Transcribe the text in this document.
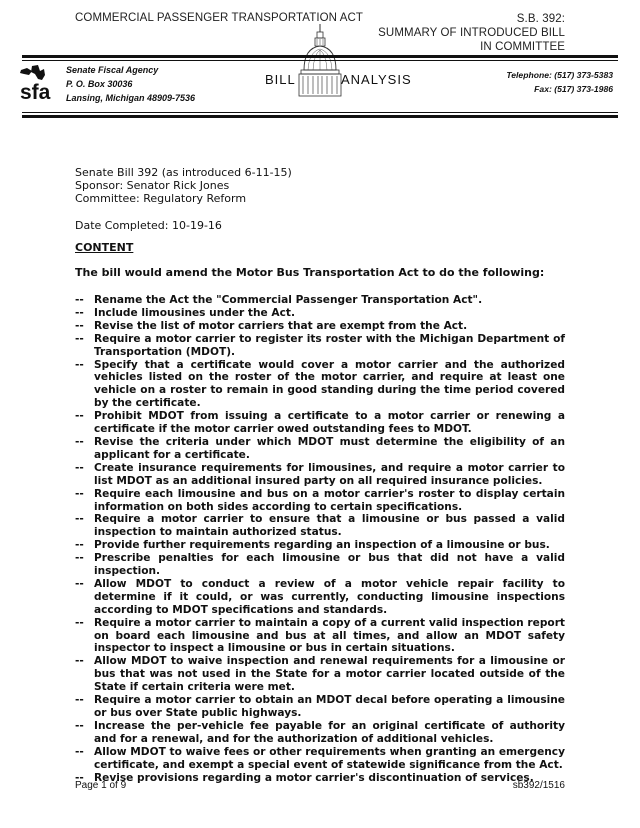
COMMERCIAL PASSENGER TRANSPORTATION ACT	S.B. 392:
SUMMARY OF INTRODUCED BILL
IN COMMITTEE
sfa
Senate Fiscal Agency
P. O. Box 30036
Lansing, Michigan 48909-7536
BILL	ANALYSIS	Telephone: (517) 373-5383
Fax: (517) 373-1986
Senate Bill 392 (as introduced 6-11-15)
Sponsor: Senator Rick Jones
Committee: Regulatory Reform
Date Completed: 10-19-16
CONTENT
The bill would amend the Motor Bus Transportation Act to do the following:
-- Rename the Act the "Commercial Passenger Transportation Act".
-- Include limousines under the Act.
-- Revise the list of motor carriers that are exempt from the Act.
-- Require a motor carrier to register its roster with the Michigan Department of Transportation (MDOT).
-- Specify that a certificate would cover a motor carrier and the authorized vehicles listed on the roster of the motor carrier, and require at least one vehicle on a roster to remain in good standing during the time period covered by the certificate.
-- Prohibit MDOT from issuing a certificate to a motor carrier or renewing a certificate if the motor carrier owed outstanding fees to MDOT.
-- Revise the criteria under which MDOT must determine the eligibility of an applicant for a certificate.
-- Create insurance requirements for limousines, and require a motor carrier to list MDOT as an additional insured party on all required insurance policies.
-- Require each limousine and bus on a motor carrier's roster to display certain information on both sides according to certain specifications.
-- Require a motor carrier to ensure that a limousine or bus passed a valid inspection to maintain authorized status.
-- Provide further requirements regarding an inspection of a limousine or bus.
-- Prescribe penalties for each limousine or bus that did not have a valid inspection.
-- Allow MDOT to conduct a review of a motor vehicle repair facility to determine if it could, or was currently, conducting limousine inspections according to MDOT specifications and standards.
-- Require a motor carrier to maintain a copy of a current valid inspection report on board each limousine and bus at all times, and allow an MDOT safety inspector to inspect a limousine or bus in certain situations.
-- Allow MDOT to waive inspection and renewal requirements for a limousine or bus that was not used in the State for a motor carrier located outside of the State if certain criteria were met.
-- Require a motor carrier to obtain an MDOT decal before operating a limousine or bus over State public highways.
-- Increase the per-vehicle fee payable for an original certificate of authority and for a renewal, and for the authorization of additional vehicles.
-- Allow MDOT to waive fees or other requirements when granting an emergency certificate, and exempt a special event of statewide significance from the Act.
-- Revise provisions regarding a motor carrier's discontinuation of services.
Page 1 of 9	sb392/1516
